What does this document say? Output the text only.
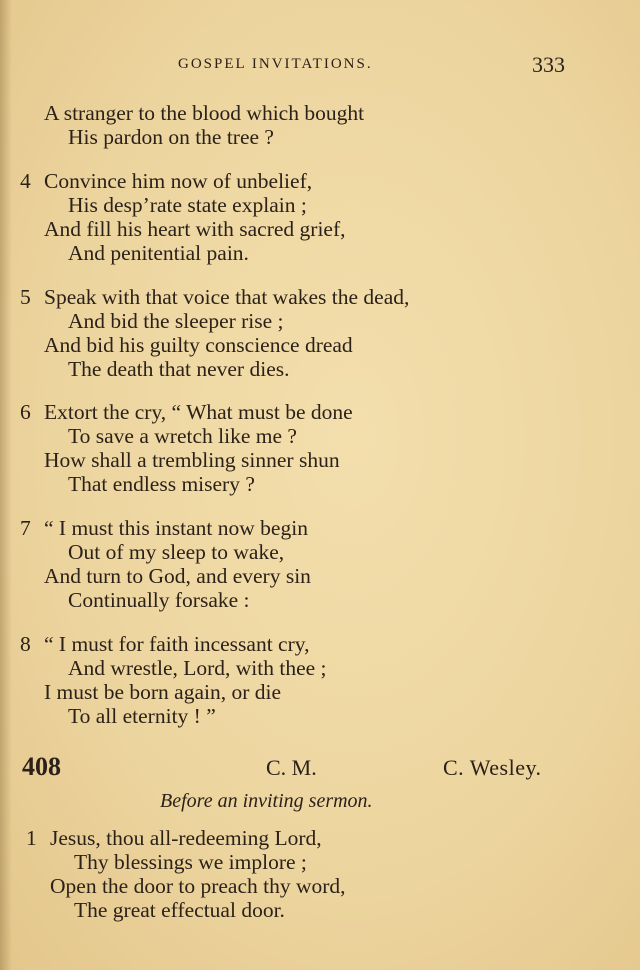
GOSPEL INVITATIONS.	333
A stranger to the blood which bought
His pardon on the tree ?
4 Convince him now of unbelief,
His desp’rate state explain ;
And fill his heart with sacred grief,
And penitential pain.
5 Speak with that voice that wakes the dead,
And bid the sleeper rise ;
And bid his guilty conscience dread
The death that never dies.
6 Extort the cry, “ What must be done
To save a wretch like me ?
How shall a trembling sinner shun
That endless misery ?
7 “ I must this instant now begin
Out of my sleep to wake,
And turn to God, and every sin
Continually forsake :
8 “ I must for faith incessant cry,
And wrestle, Lord, with thee ;
I must be born again, or die
To all eternity ! ”
408	C. M.	C. Wesley.
Before an inviting sermon.
1 Jesus, thou all-redeeming Lord,
Thy blessings we implore ;
Open the door to preach thy word,
The great effectual door.
